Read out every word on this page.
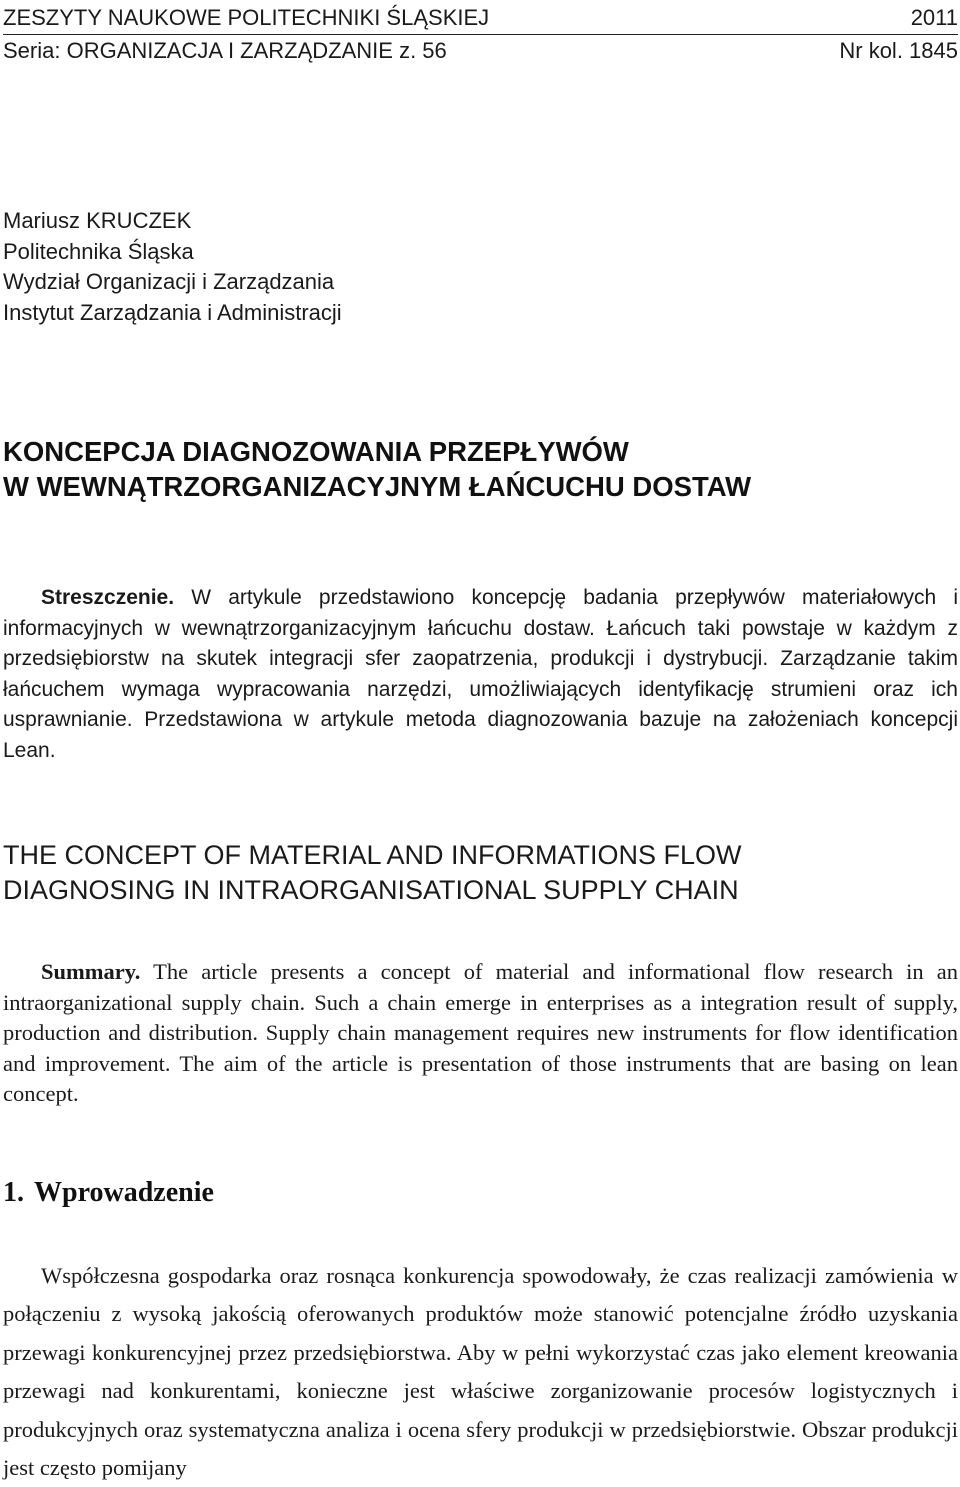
ZESZYTY NAUKOWE POLITECHNIKI ŚLĄSKIEJ	2011
Seria: ORGANIZACJA I ZARZĄDZANIE z. 56	Nr kol. 1845
Mariusz KRUCZEK
Politechnika Śląska
Wydział Organizacji i Zarządzania
Instytut Zarządzania i Administracji
KONCEPCJA DIAGNOZOWANIA PRZEPŁYWÓW
W WEWNĄTRZORGANIZACYJNYM ŁAŃCUCHU DOSTAW
Streszczenie. W artykule przedstawiono koncepcję badania przepływów materiałowych i informacyjnych w wewnątrzorganizacyjnym łańcuchu dostaw. Łańcuch taki powstaje w każdym z przedsiębiorstw na skutek integracji sfer zaopatrzenia, produkcji i dystrybucji. Zarządzanie takim łańcuchem wymaga wypracowania narzędzi, umożliwiających identyfikację strumieni oraz ich usprawnianie. Przedstawiona w artykule metoda diagnozowania bazuje na założeniach koncepcji Lean.
THE CONCEPT OF MATERIAL AND INFORMATIONS FLOW
DIAGNOSING IN INTRAORGANISATIONAL SUPPLY CHAIN
Summary. The article presents a concept of material and informational flow research in an intraorganizational supply chain. Such a chain emerge in enterprises as a integration result of supply, production and distribution. Supply chain management requires new instruments for flow identification and improvement. The aim of the article is presentation of those instruments that are basing on lean concept.
1. Wprowadzenie
Współczesna gospodarka oraz rosnąca konkurencja spowodowały, że czas realizacji zamówienia w połączeniu z wysoką jakością oferowanych produktów może stanowić potencjalne źródło uzyskania przewagi konkurencyjnej przez przedsiębiorstwa. Aby w pełni wykorzystać czas jako element kreowania przewagi nad konkurentami, konieczne jest właściwe zorganizowanie procesów logistycznych i produkcyjnych oraz systematyczna analiza i ocena sfery produkcji w przedsiębiorstwie. Obszar produkcji jest często pomijany
